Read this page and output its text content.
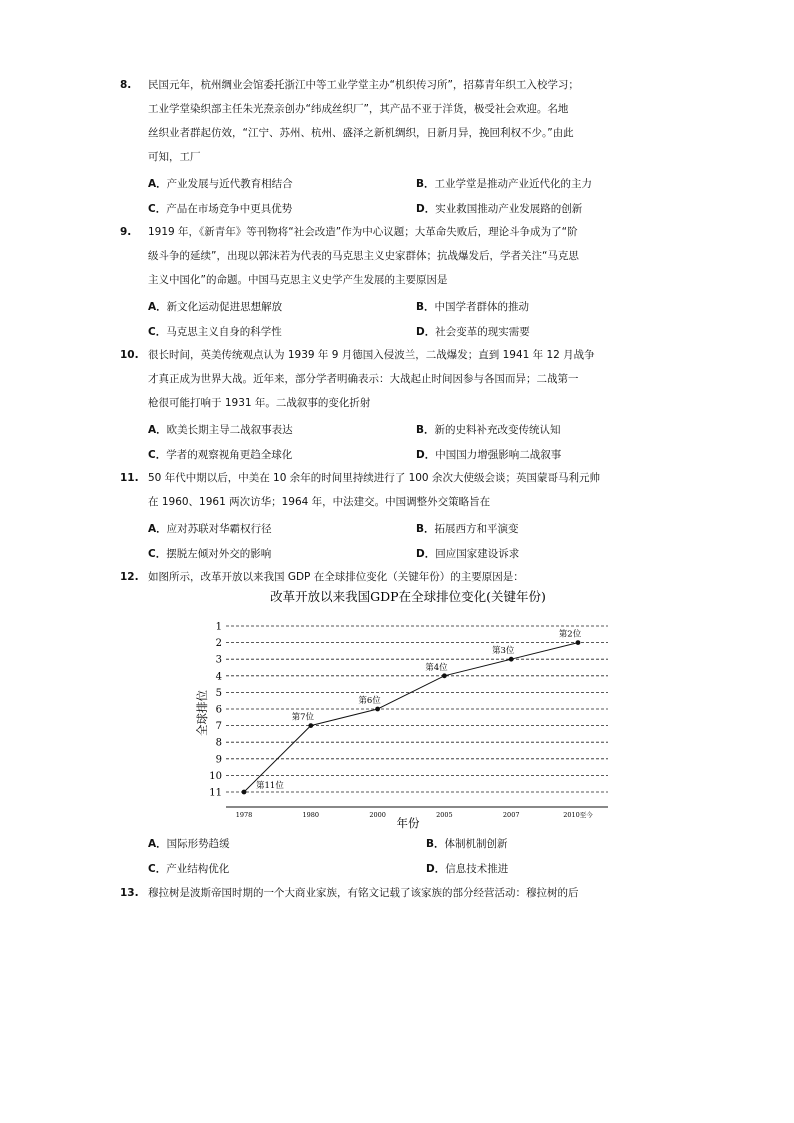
8. 民国元年，杭州绸业会馆委托浙江中等工业学堂主办“机织传习所”，招募青年织工入校学习；

工业学堂染织部主任朱光焘亲创办“纬成丝织厂”，其产品不亚于洋货，极受社会欢迎。名地

丝织业者群起仿效，“江宁、苏州、杭州、盛泽之新机绸织，日新月异，挽回利权不少。”由此

可知，工厂

A．产业发展与近代教育相结合	B．工业学堂是推动产业近代化的主力
C．产品在市场竞争中更具优势	D．实业救国推动产业发展路的创新
9. 1919 年，《新青年》等刊物将“社会改造”作为中心议题；大革命失败后，理论斗争成为了“阶

级斗争的延续”，出现以郭沫若为代表的马克思主义史家群体；抗战爆发后，学者关注“马克思

主义中国化”的命题。中国马克思主义史学产生发展的主要原因是

A．新文化运动促进思想解放	B．中国学者群体的推动
C．马克思主义自身的科学性	D．社会变革的现实需要
10. 很长时间，英美传统观点认为 1939 年 9 月德国入侵波兰，二战爆发；直到 1941 年 12 月战争

才真正成为世界大战。近年来，部分学者明确表示：大战起止时间因参与各国而异；二战第一

枪很可能打响于 1931 年。二战叙事的变化折射

A．欧美长期主导二战叙事表达	B．新的史料补充改变传统认知
C．学者的观察视角更趋全球化	D．中国国力增强影响二战叙事
11. 50 年代中期以后，中美在 10 余年的时间里持续进行了 100 余次大使级会谈；英国蒙哥马利元帅

在 1960、1961 两次访华；1964 年，中法建交。中国调整外交策略旨在

A．应对苏联对华霸权行径	B．拓展西方和平演变
C．摆脱左倾对外交的影响	D．回应国家建设诉求
12. 如图所示，改革开放以来我国 GDP 在全球排位变化（关键年份）的主要原因是：

改革开放以来我国GDP在全球排位变化(关键年份)
1
2
3
4
5
6
7
8
9
10
11
1978	1980	2000	2005	2007	2010至今
第11位
第7位
第6位
第4位
第3位
第2位
全球排位
年份
A．国际形势趋缓	B．体制机制创新
C．产业结构优化	D．信息技术推进
13. 穆拉树是波斯帝国时期的一个大商业家族，有铭文记载了该家族的部分经营活动：穆拉树的后
